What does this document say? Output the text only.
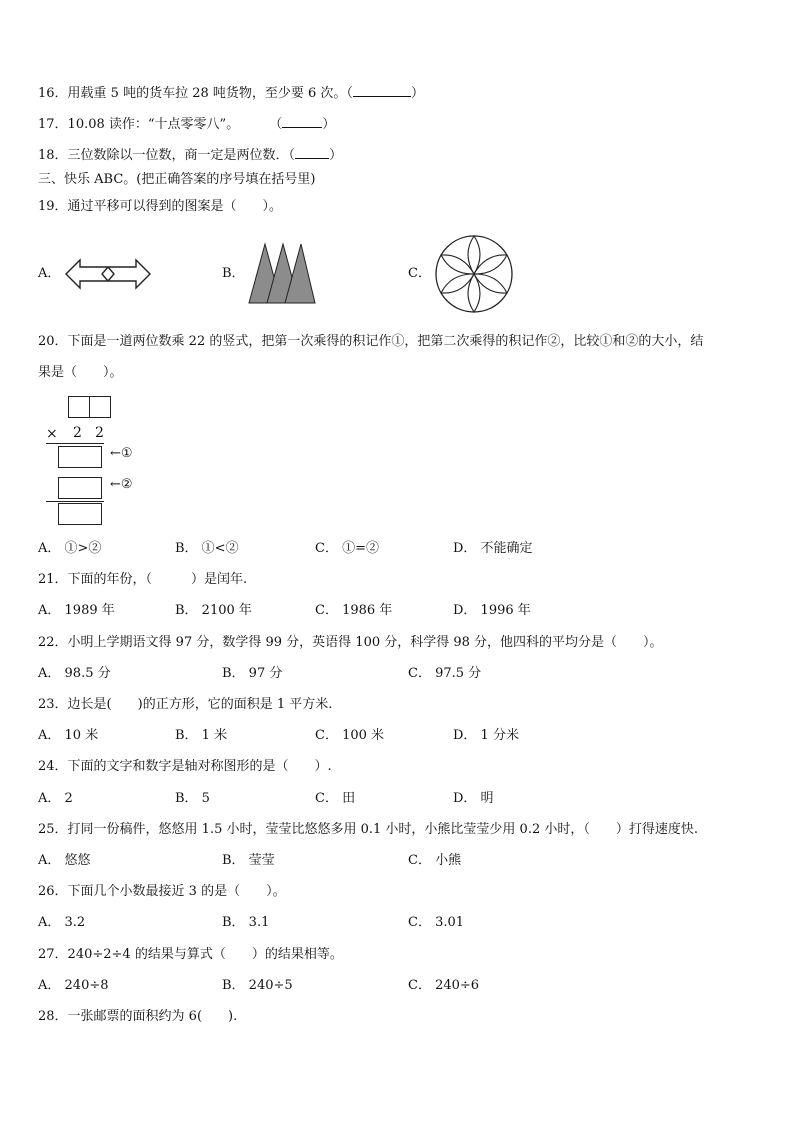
16．用载重 5 吨的货车拉 28 吨货物，至少要 6 次。（	）
17．10.08 读作：“十点零零八”。 （	）
18．三位数除以一位数，商一定是两位数．（	）
三、快乐 ABC。(把正确答案的序号填在括号里)
19．通过平移可以得到的图案是（　　）。
A．	B．	C．
20．下面是一道两位数乘 22 的竖式，把第一次乘得的积记作①，把第二次乘得的积记作②，比较①和②的大小，结
果是（　　）。
× 2 2
←①
←②
A． ①>②	B． ①<②	C． ①=②	D． 不能确定
21．下面的年份，（　　　）是闰年.
A． 1989 年	B． 2100 年	C． 1986 年	D． 1996 年
22．小明上学期语文得 97 分，数学得 99 分，英语得 100 分，科学得 98 分，他四科的平均分是（　　）。
A． 98.5 分	B． 97 分	C． 97.5 分
23．边长是(　　)的正方形，它的面积是 1 平方米.
A． 10 米	B． 1 米	C． 100 米	D． 1 分米
24．下面的文字和数字是轴对称图形的是（　　）.
A． 2	B． 5	C． 田	D． 明
25．打同一份稿件，悠悠用 1.5 小时，莹莹比悠悠多用 0.1 小时，小熊比莹莹少用 0.2 小时，（　　）打得速度快.
A． 悠悠	B． 莹莹	C． 小熊
26．下面几个小数最接近 3 的是（　　）。
A． 3.2	B． 3.1	C． 3.01
27．240÷2÷4 的结果与算式（　　）的结果相等。
A． 240÷8	B． 240÷5	C． 240÷6
28．一张邮票的面积约为 6(　　).
